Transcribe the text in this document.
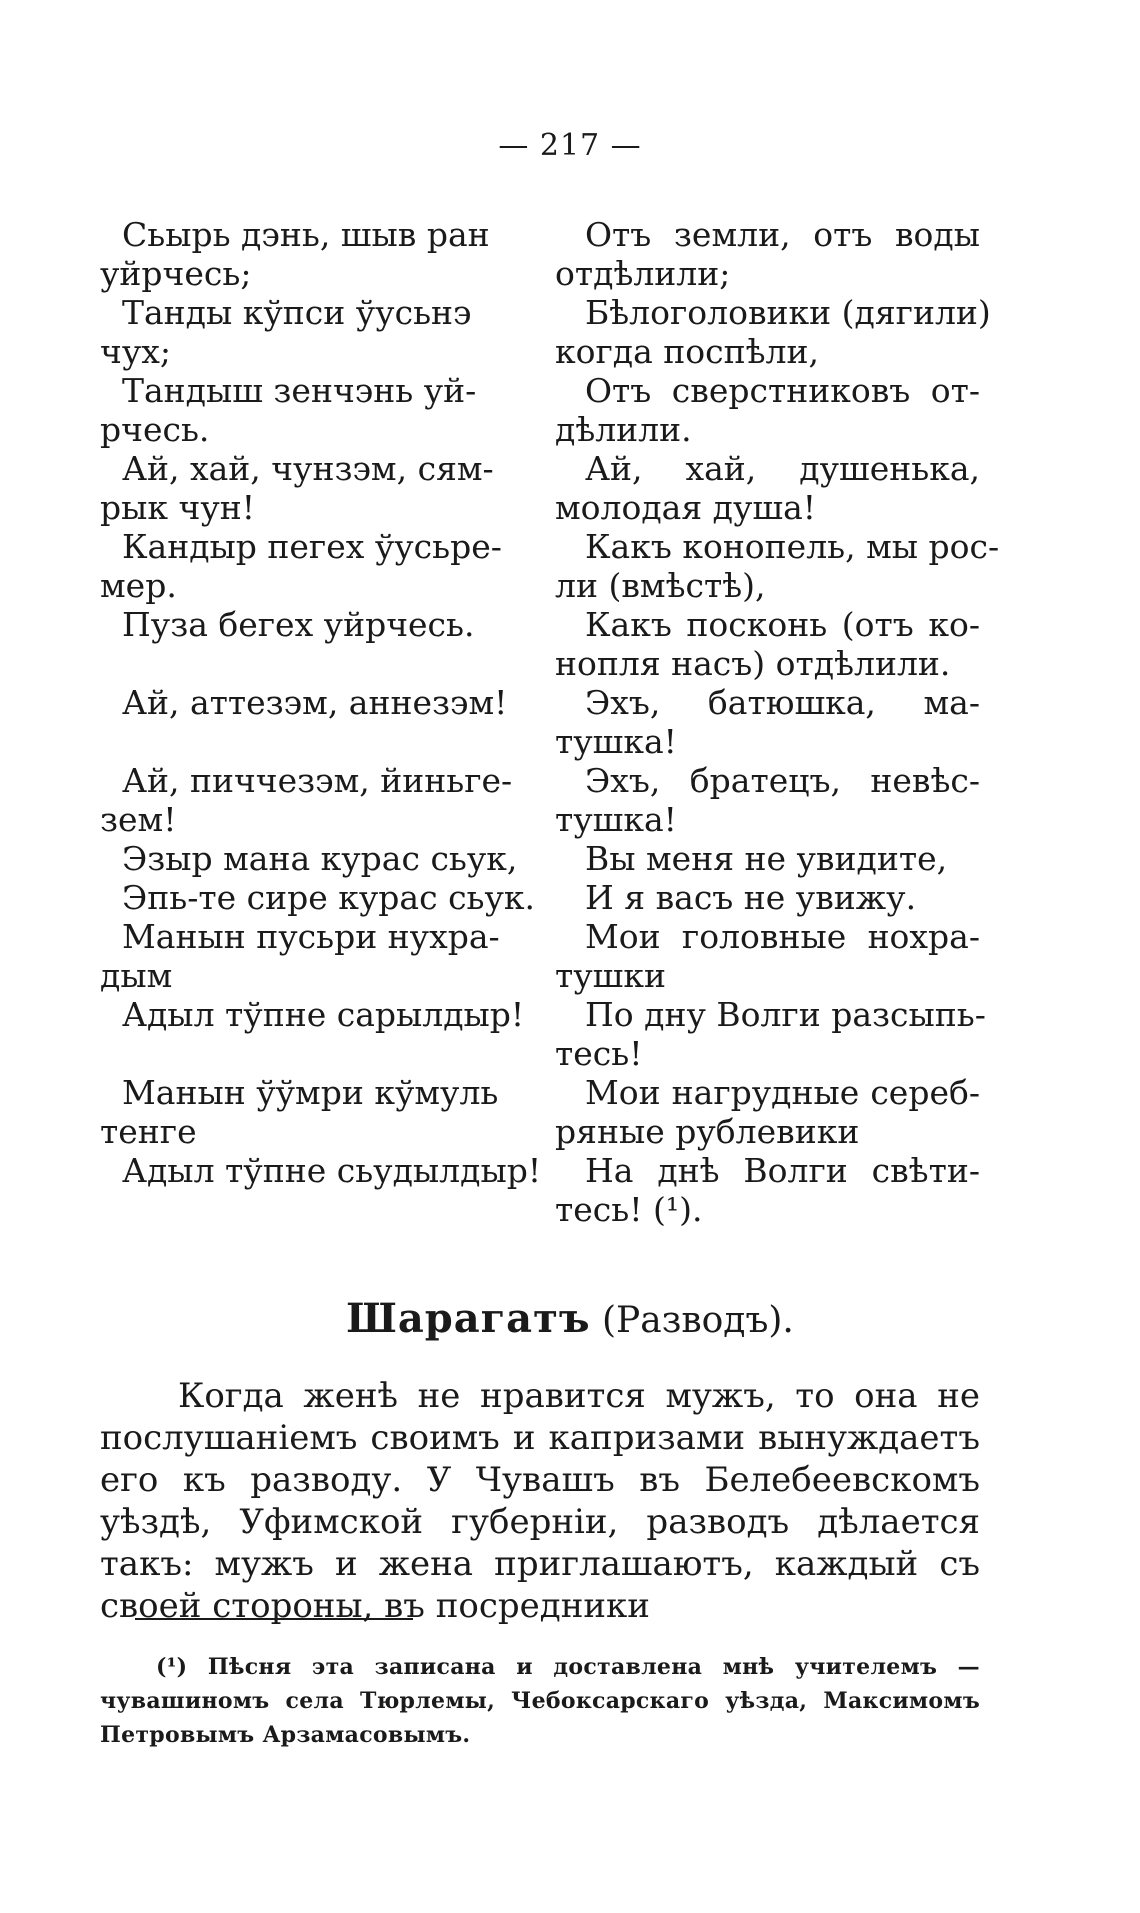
— 217 —
Сьырь дэнь, шыв ран	Отъ земли, отъ воды
уйрчесь;	отдѣлили;
Танды кўпси ўусьнэ	Бѣлоголовики (дягили)
чух;	когда поспѣли,
Тандыш зенчэнь уй-	Отъ сверстниковъ от-
рчесь.	дѣлили.
Ай, хай, чунзэм, сям-	Ай, хай, душенька,
рык чун!	молодая душа!
Кандыр пегех ўусьре-	Какъ конопель, мы рос-
мер.	ли (вмѣстѣ),
Пуза бегех уйрчесь.	Какъ посконь (отъ ко-
нопля насъ) отдѣлили.
Ай, аттезэм, аннезэм!	Эхъ, батюшка, ма-
тушка!
Ай, пиччезэм, йиньге-	Эхъ, братецъ, невѣс-
зем!	тушка!
Эзыр мана курас сьук,	Вы меня не увидите,
Эпь-те сире курас сьук.	И я васъ не увижу.
Манын пусьри нухра-	Мои головные нохра-
дым	тушки
Адыл тўпне сарылдыр!	По дну Волги разсыпь-
тесь!
Манын ўўмри кўмуль	Мои нагрудные сереб-
тенге	ряные рублевики
Адыл тўпне сьудылдыр!	На днѣ Волги свѣти-
тесь! (¹).
Шарагатъ (Разводъ).

Когда женѣ не нравится мужъ, то она не послушаніемъ своимъ и капризами вынуждаетъ его къ разводу. У Чувашъ въ Белебеевскомъ уѣздѣ, Уфимской губерніи, разводъ дѣлается такъ: мужъ и жена приглашаютъ, каждый съ своей стороны, въ посредники

(¹) Пѣсня эта записана и доставлена мнѣ учителемъ — чувашиномъ села Тюрлемы, Чебоксарскаго уѣзда, Максимомъ Петровымъ Арзамасовымъ.
